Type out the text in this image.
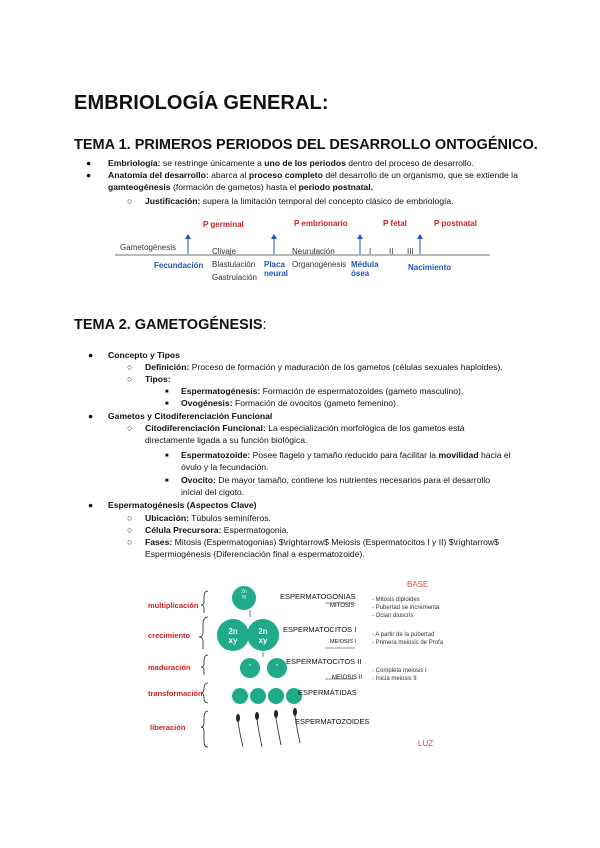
EMBRIOLOGÍA GENERAL:
TEMA 1. PRIMEROS PERIODOS DEL DESARROLLO ONTOGÉNICO.
● Embriología: se restringe únicamente a uno de los periodos dentro del proceso de desarrollo.
● Anatomía del desarrollo: abarca al proceso completo del desarrollo de un organismo, que se extiende la
gamteogénesis (formación de gametos) hasta el periodo postnatal.
○ Justificación: supera la limitación temporal del concepto clásico de embriología.
P germinal	P embrionario	P fetal	P postnatal
Gametogénesis	Clivaje
Blastulación
Gastrulación
Neurulación
Organogénesis
I II III
Fecundación	Placa
neural
Médula
ósea
Nacimiento
TEMA 2. GAMETOGÉNESIS:
● Concepto y Tipos
○ Definición: Proceso de formación y maduración de los gametos (células sexuales haploides).
○ Tipos:
■ Espermatogénesis: Formación de espermatozoides (gameto masculino).
■ Ovogénesis: Formación de ovocitos (gameto femenino).
● Gametos y Citodiferenciación Funcional
○ Citodiferenciación Funcional: La especialización morfológica de los gametos está
directamente ligada a su función biológica.
■ Espermatozoide: Posee flagelo y tamaño reducido para facilitar la movilidad hacia el
óvulo y la fecundación.
■ Ovocito: De mayor tamaño, contiene los nutrientes necesarios para el desarrollo
inicial del cigoto.
● Espermatogénesis (Aspectos Clave)
○ Ubicación: Túbulos seminíferos.
○ Célula Precursora: Espermatogonia.
○ Fases: Mitosis (Espermatogonias) $\rightarrow$ Meiosis (Espermatocitos I y II) $\rightarrow$
Espermiogénesis (Diferenciación final a espermatozoide).
2n
xy
2n
xy
2n
xy
n	n
BASE
LUZ
multiplicación
crecimiento
maduración
transformación
liberación
ESPERMATOGONIAS
MITOSIS
ESPERMATOCITOS I
MEIOSIS I
ESPERMATOCITOS II
MEIOSIS II
ESPERMÁTIDAS
ESPERMATOZOIDES
- Mitosis diploides
- Pubertad se incrementa
- Ocian diuscris
- A partir de la pubertad
- Primera meiosis de Profa
- Completa meiosis I
- Inicia meiosis II
